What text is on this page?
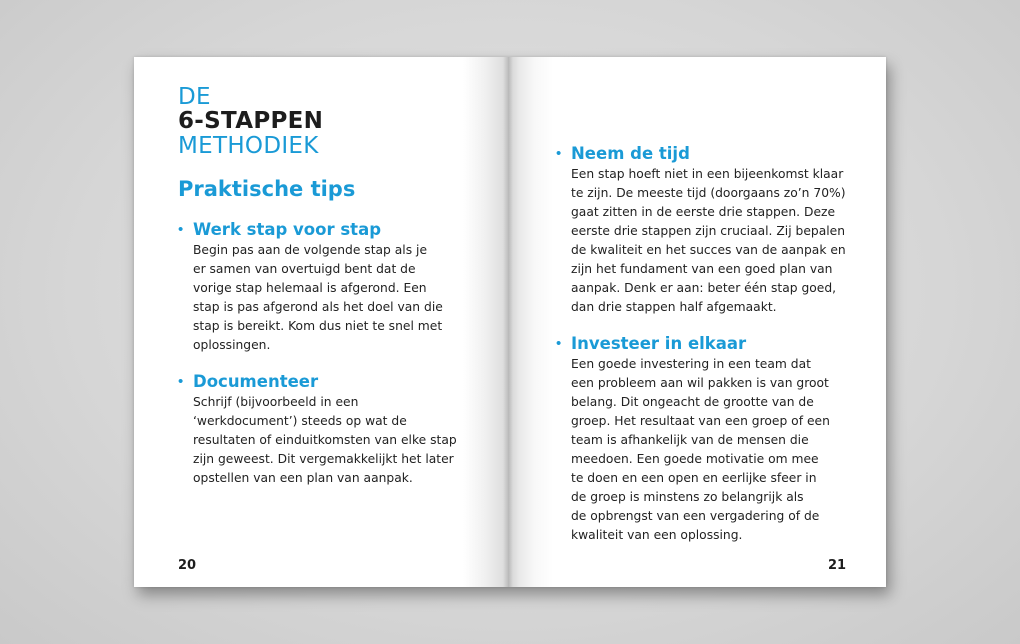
DE
6-STAPPEN
METHODIEK
Praktische tips
• Werk stap voor stap
Begin pas aan de volgende stap als je
er samen van overtuigd bent dat de
vorige stap helemaal is afgerond. Een
stap is pas afgerond als het doel van die
stap is bereikt. Kom dus niet te snel met
oplossingen.
• Documenteer
Schrijf (bijvoorbeeld in een
‘werkdocument’) steeds op wat de
resultaten of einduitkomsten van elke stap
zijn geweest. Dit vergemakkelijkt het later
opstellen van een plan van aanpak.
20
• Neem de tijd
Een stap hoeft niet in een bijeenkomst klaar
te zijn. De meeste tijd (doorgaans zo’n 70%)
gaat zitten in de eerste drie stappen. Deze
eerste drie stappen zijn cruciaal. Zij bepalen
de kwaliteit en het succes van de aanpak en
zijn het fundament van een goed plan van
aanpak. Denk er aan: beter één stap goed,
dan drie stappen half afgemaakt.
• Investeer in elkaar
Een goede investering in een team dat
een probleem aan wil pakken is van groot
belang. Dit ongeacht de grootte van de
groep. Het resultaat van een groep of een
team is afhankelijk van de mensen die
meedoen. Een goede motivatie om mee
te doen en een open en eerlijke sfeer in
de groep is minstens zo belangrijk als
de opbrengst van een vergadering of de
kwaliteit van een oplossing.
21
